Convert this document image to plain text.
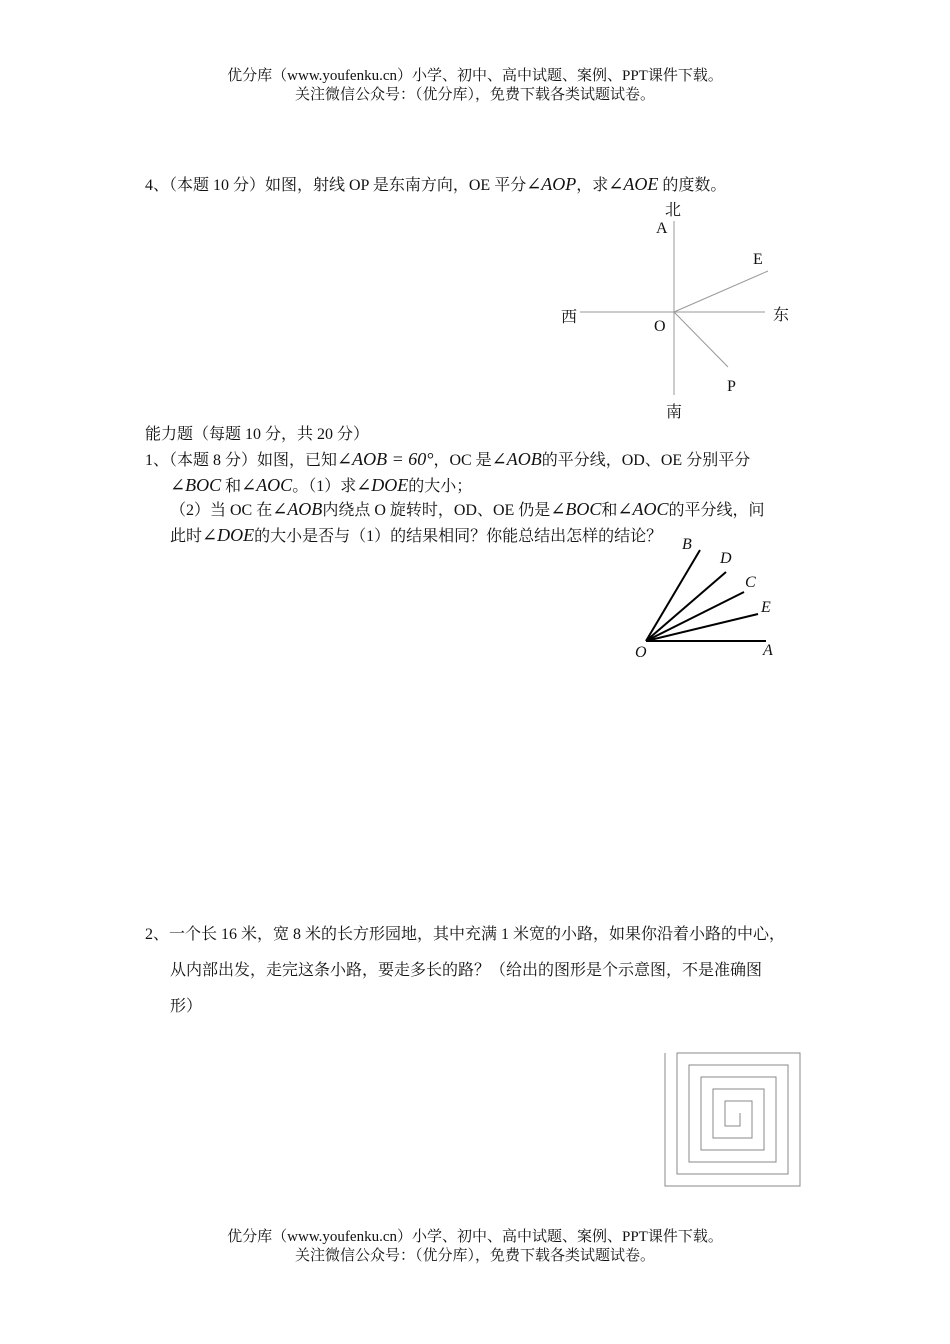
优分库（www.youfenku.cn）小学、初中、高中试题、案例、PPT课件下载。
关注微信公众号：（优分库），免费下载各类试题试卷。
4、（本题 10 分）如图，射线 OP 是东南方向，OE 平分∠AOP，求∠AOE 的度数。
北
A
E
西	东
O
P
南
能力题（每题 10 分，共 20 分）
1、（本题 8 分）如图，已知∠AOB = 60°，OC 是∠AOB的平分线，OD、OE 分别平分
∠BOC 和∠AOC。（1）求∠DOE的大小；
（2）当 OC 在∠AOB内绕点 O 旋转时，OD、OE 仍是∠BOC和∠AOC的平分线，问
此时∠DOE的大小是否与（1）的结果相同？你能总结出怎样的结论？ B
D
C
E
O	A
2、一个长 16 米，宽 8 米的长方形园地，其中充满 1 米宽的小路，如果你沿着小路的中心，
从内部出发，走完这条小路，要走多长的路？（给出的图形是个示意图，不是准确图
形）
优分库（www.youfenku.cn）小学、初中、高中试题、案例、PPT课件下载。
关注微信公众号：（优分库），免费下载各类试题试卷。
